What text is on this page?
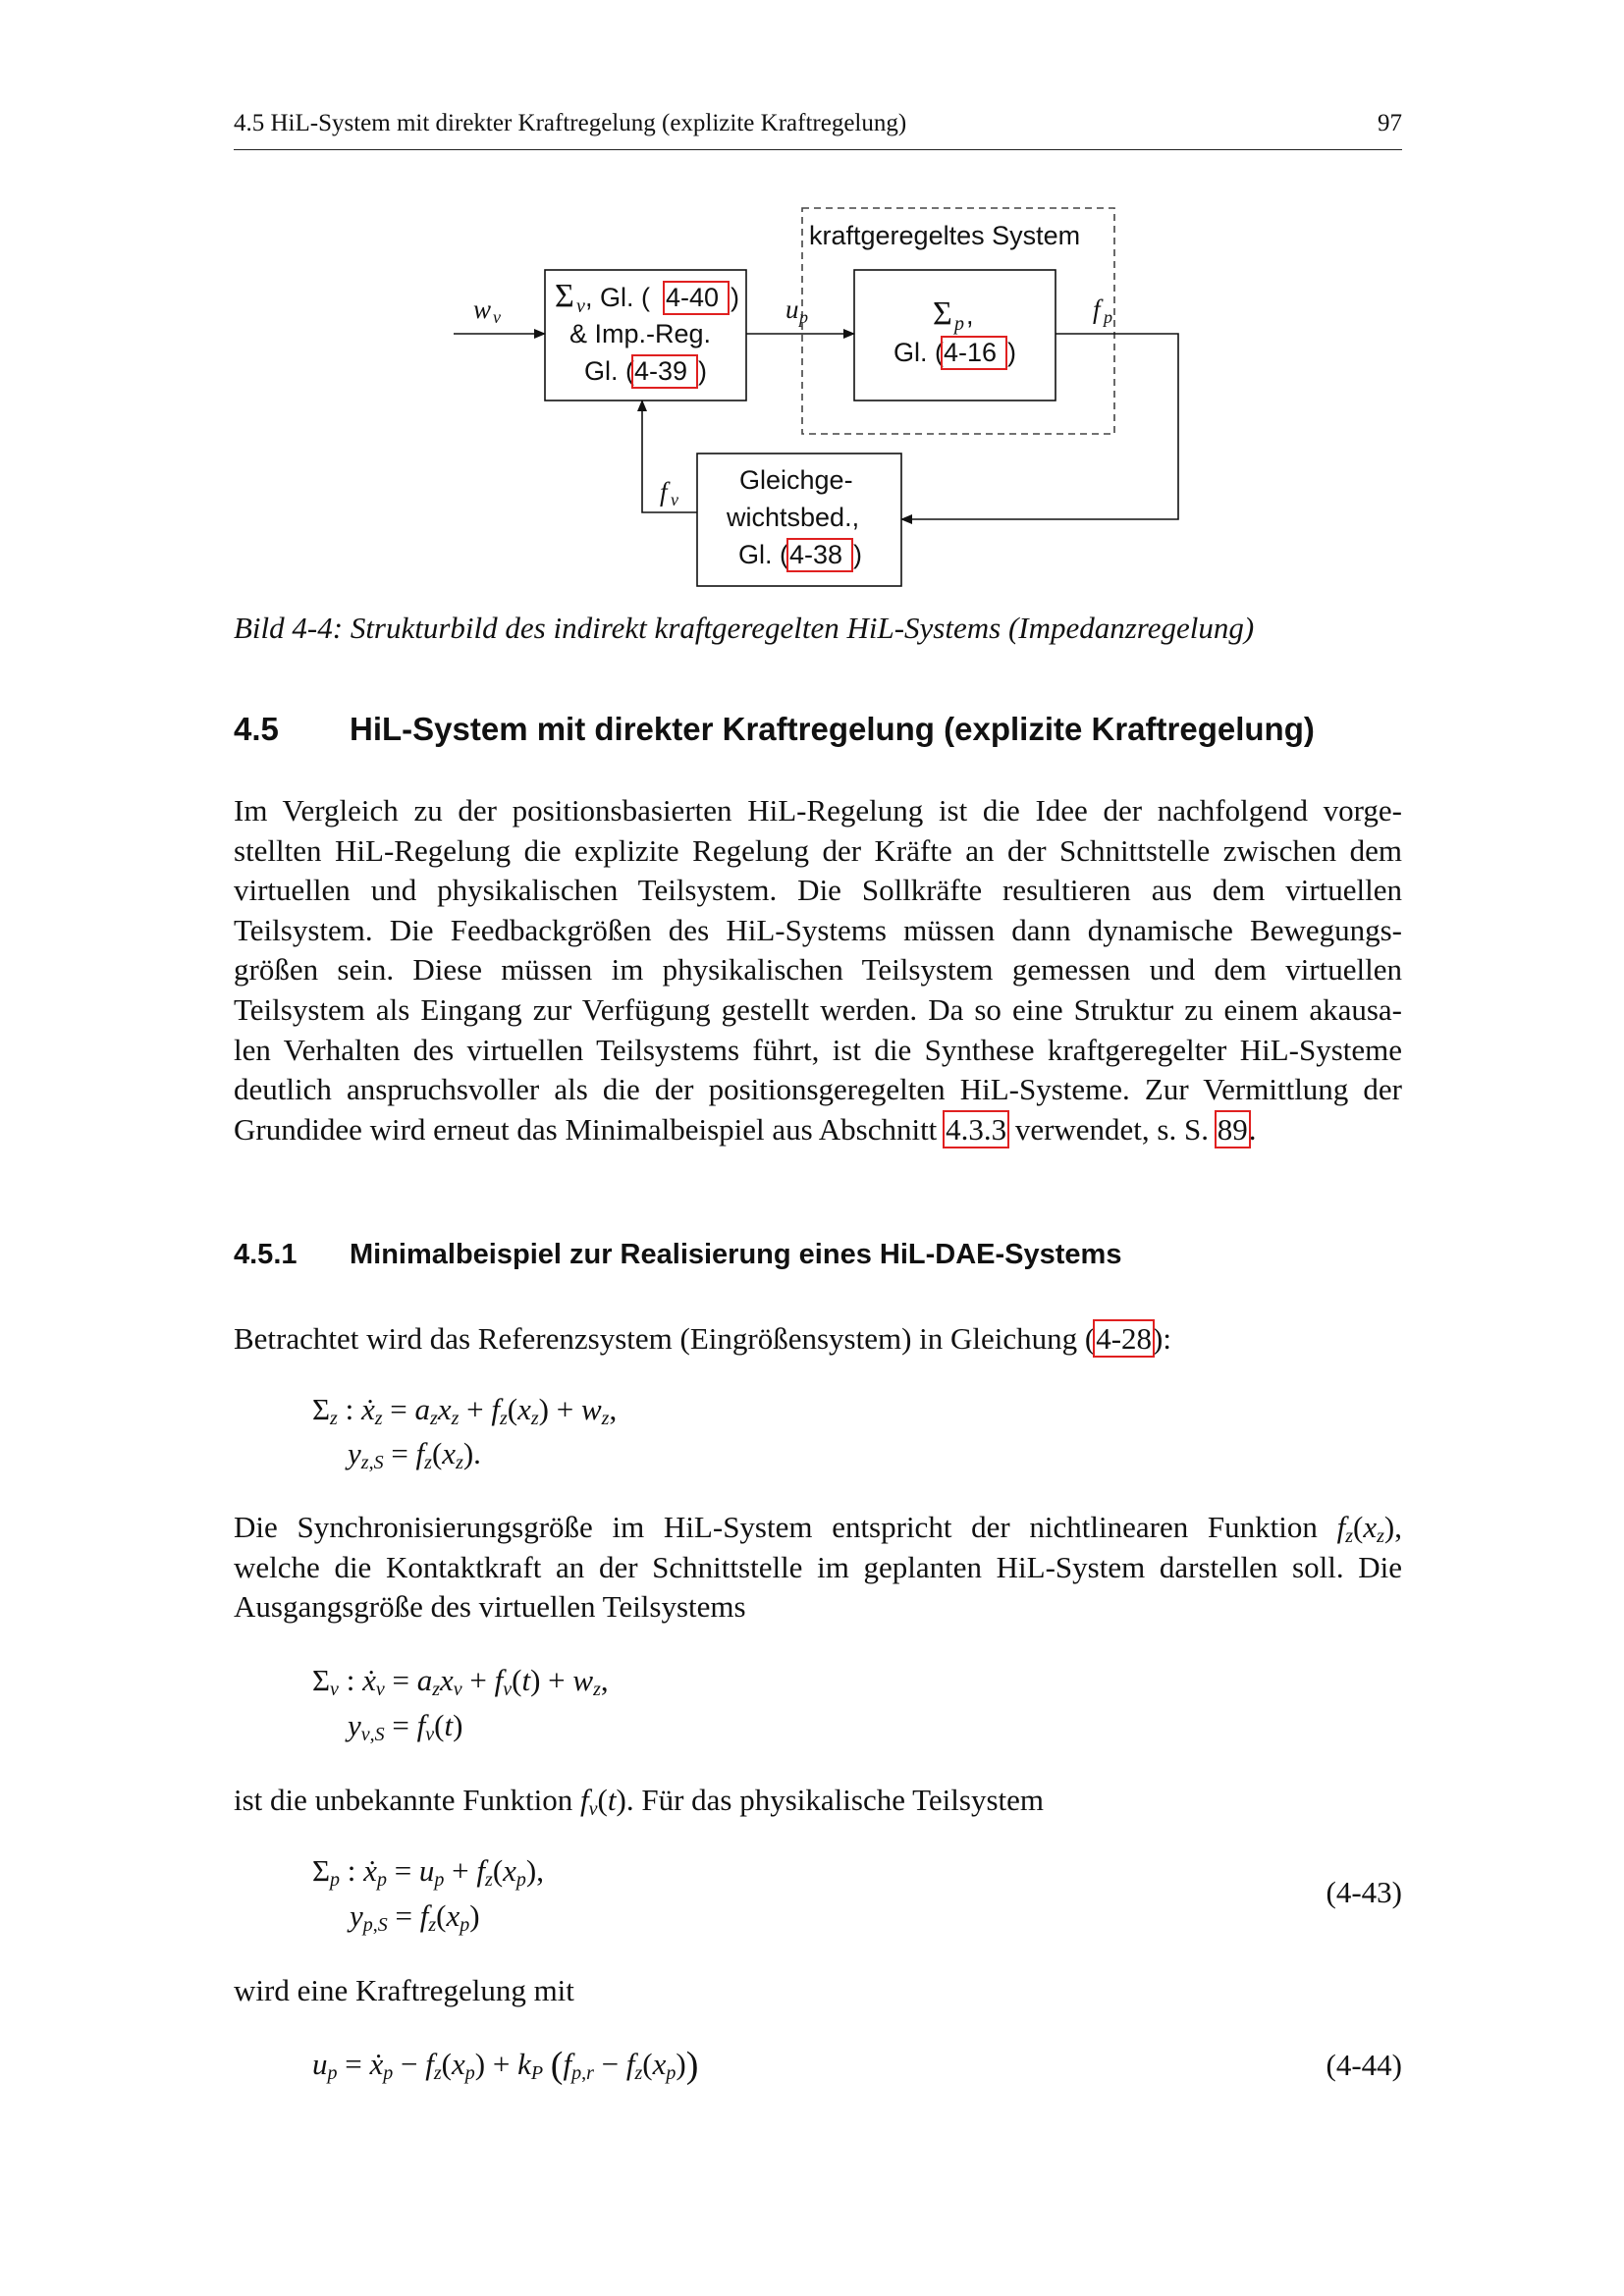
4.5 HiL-System mit direkter Kraftregelung (explizite Kraftregelung)	97
kraftgeregeltes System
Σ v , Gl. ( 4-40 )
& Imp.-Reg.
Gl. ( 4-39 )
Σ p ,
Gl. ( 4-16 )
Gleichge-
wichtsbed.,
Gl. ( 4-38 )
w v	u p	f p
f v
Bild 4-4: Strukturbild des indirekt kraftgeregelten HiL-Systems (Impedanzregelung)
4.5 HiL-System mit direkter Kraftregelung (explizite Kraftregelung)
Im Vergleich zu der positionsbasierten HiL-Regelung ist die Idee der nachfolgend vorge-
stellten HiL-Regelung die explizite Regelung der Kräfte an der Schnittstelle zwischen dem
virtuellen und physikalischen Teilsystem. Die Sollkräfte resultieren aus dem virtuellen
Teilsystem. Die Feedbackgrößen des HiL-Systems müssen dann dynamische Bewegungs-
größen sein. Diese müssen im physikalischen Teilsystem gemessen und dem virtuellen
Teilsystem als Eingang zur Verfügung gestellt werden. Da so eine Struktur zu einem akausa-
len Verhalten des virtuellen Teilsystems führt, ist die Synthese kraftgeregelter HiL-Systeme
deutlich anspruchsvoller als die der positionsgeregelten HiL-Systeme. Zur Vermittlung der
Grundidee wird erneut das Minimalbeispiel aus Abschnitt 4.3.3 verwendet, s. S. 89.
4.5.1 Minimalbeispiel zur Realisierung eines HiL-DAE-Systems
Betrachtet wird das Referenzsystem (Eingrößensystem) in Gleichung (4-28):
$\Sigma_z$ : ẋ$_z$ = $a_zx_z + f_z(x_z) + w_z$,
$y_{z,S} = f_z(x_z)$.
Die Synchronisierungsgröße im HiL-System entspricht der nichtlinearen Funktion $f_z(x_z)$,
welche die Kontaktkraft an der Schnittstelle im geplanten HiL-System darstellen soll. Die
Ausgangsgröße des virtuellen Teilsystems
$\Sigma_v$ : ẋ$_v$ = $a_zx_v + f_v(t) + w_z$,
$y_{v,S} = f_v(t)$
ist die unbekannte Funktion $f_v(t)$. Für das physikalische Teilsystem
$\Sigma_p$ : ẋ$_p$ = $u_p + f_z(x_p)$,
$y_{p,S} = f_z(x_p)$
(4-43)
wird eine Kraftregelung mit
$u_p$ = ẋ$_p$ − $f_z(x_p) + k_P$ $(f_{p,r} - f_z(x_p))$	(4-44)
